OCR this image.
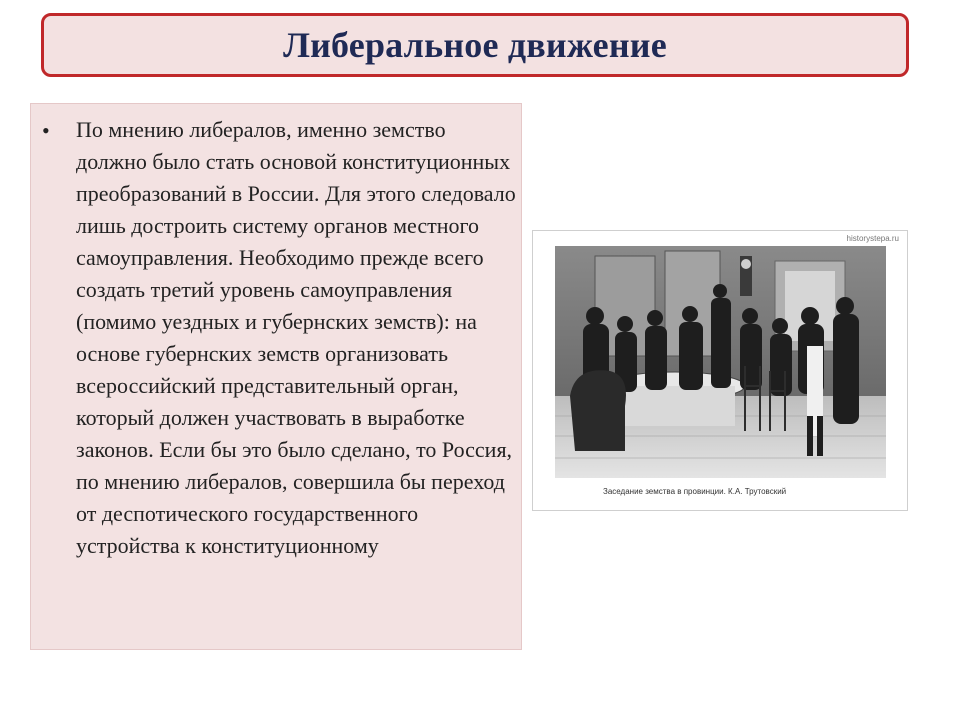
Либеральное движение
• По мнению либералов, именно земство должно было стать основой конституционных преобразований в России. Для этого следовало лишь достроить систему органов местного самоуправления. Необходимо прежде всего создать третий уровень самоуправления (помимо уездных и губернских земств): на основе губернских земств организовать всероссийский представительный орган, который должен участвовать в выработке законов. Если бы это было сделано, то Россия, по мнению либералов, совершила бы переход от деспотического государственного устройства к конституционному

historystepa.ru
Заседание земства в провинции. К.А. Трутовский
